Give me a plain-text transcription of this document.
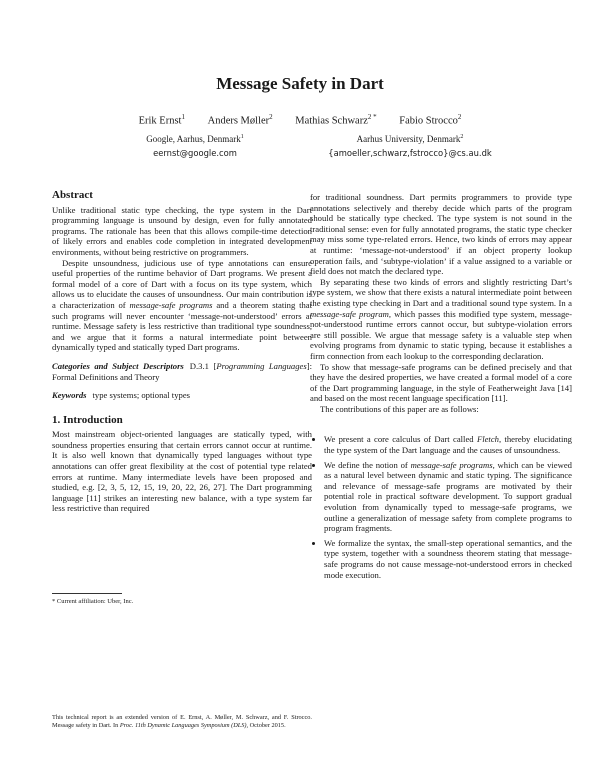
Message Safety in Dart
Erik Ernst$^1$ Anders Møller$^2$ Mathias Schwarz$^{2 *}$ Fabio Strocco$^2$
Google, Aarhus, Denmark$^1$
eernst@google.com
Aarhus University, Denmark$^2$
{amoeller,schwarz,fstrocco}@cs.au.dk
Abstract

Unlike traditional static type checking, the type system in the Dart programming language is unsound by design, even for fully annotated programs. The rationale has been that this allows compile-time detection of likely errors and enables code completion in integrated development environments, without being restrictive on programmers.

Despite unsoundness, judicious use of type annotations can ensure useful properties of the runtime behavior of Dart programs. We present a formal model of a core of Dart with a focus on its type system, which allows us to elucidate the causes of unsoundness. Our main contribution is a characterization of message-safe programs and a theorem stating that such programs will never encounter ‘message-not-understood’ errors at runtime. Message safety is less restrictive than traditional type soundness, and we argue that it forms a natural intermediate point between dynamically typed and statically typed Dart programs.

Categories and Subject Descriptors D.3.1 [Programming Languages]: Formal Definitions and Theory

Keywords type systems; optional types

1. Introduction

Most mainstream object-oriented languages are statically typed, with soundness properties ensuring that certain errors cannot occur at runtime. It is also well known that dynamically typed languages without type annotations can offer great flexibility at the cost of potential type related errors at runtime. Many intermediate levels have been proposed and studied, e.g. [2, 3, 5, 12, 15, 19, 20, 22, 26, 27]. The Dart programming language [11] strikes an interesting new balance, with a type system far less restrictive than required

* Current affiliation: Uber, Inc.
This technical report is an extended version of E. Ernst, A. Møller, M. Schwarz, and F. Strocco. Message safety in Dart. In Proc. 11th Dynamic Languages Symposium (DLS), October 2015.

for traditional soundness. Dart permits programmers to provide type annotations selectively and thereby decide which parts of the program should be statically type checked. The type system is not sound in the traditional sense: even for fully annotated programs, the static type checker may miss some type-related errors. Hence, two kinds of errors may appear at runtime: ‘message-not-understood’ if an object property lookup operation fails, and ‘subtype-violation’ if a value assigned to a variable or field does not match the declared type.

By separating these two kinds of errors and slightly restricting Dart’s type system, we show that there exists a natural intermediate point between the existing type checking in Dart and a traditional sound type system. In a message-safe program, which passes this modified type system, message-not-understood runtime errors cannot occur, but subtype-violation errors are still possible. We argue that message safety is a valuable step when evolving programs from dynamic to static typing, because it establishes a firm connection from each lookup to the corresponding declaration.

To show that message-safe programs can be defined precisely and that they have the desired properties, we have created a formal model of a core of the Dart programming language, in the style of Featherweight Java [14] and based on the most recent language specification [11].

The contributions of this paper are as follows:

• We present a core calculus of Dart called Fletch, thereby elucidating the type system of the Dart language and the causes of unsoundness.
• We define the notion of message-safe programs, which can be viewed as a natural level between dynamic and static typing. The significance and relevance of message-safe programs are motivated by their potential role in practical software development. To support gradual evolution from dynamically typed to message-safe programs, we outline a generalization of message safety from complete programs to program fragments.
• We formalize the syntax, the small-step operational semantics, and the type system, together with a soundness theorem stating that message-safe programs do not cause message-not-understood errors in checked mode execution.
